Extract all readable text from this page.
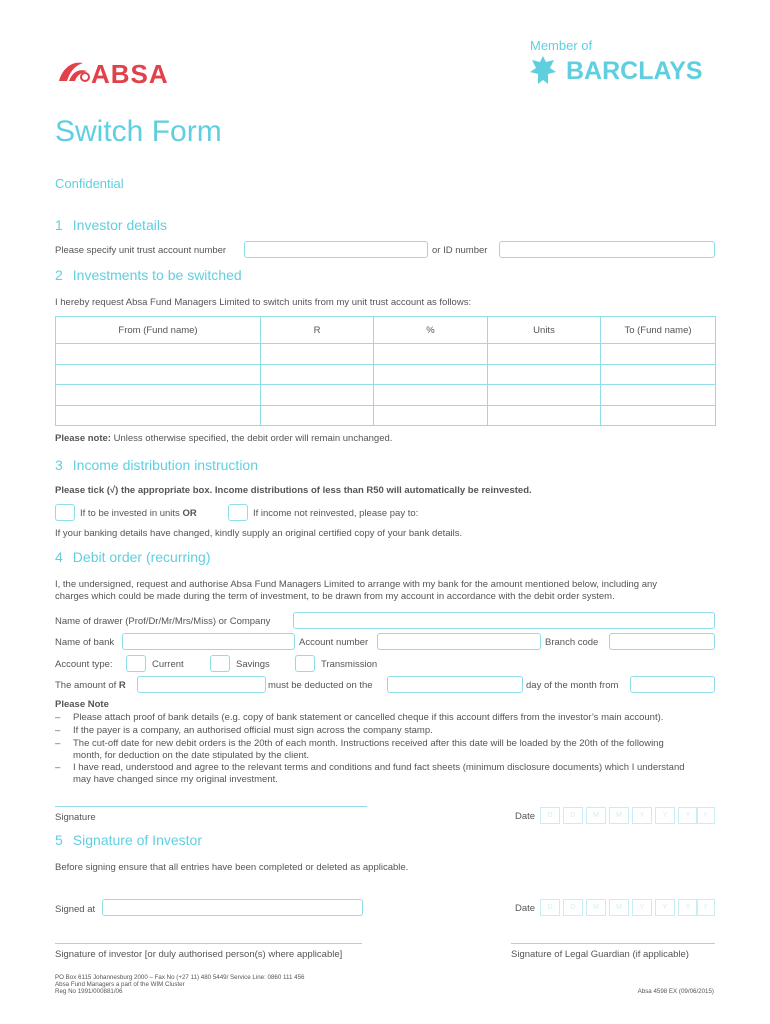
ABSA
Member of
BARCLAYS
Switch Form
Confidential
1 Investor details
Please specify unit trust account number	or ID number
2 Investments to be switched
I hereby request Absa Fund Managers Limited to switch units from my unit trust account as follows:
From (Fund name)	R	%	Units	To (Fund name)

Please note: Unless otherwise specified, the debit order will remain unchanged.
3 Income distribution instruction
Please tick (√) the appropriate box. Income distributions of less than R50 will automatically be reinvested.
If to be invested in units OR	If income not reinvested, please pay to:
If your banking details have changed, kindly supply an original certified copy of your bank details.
4 Debit order (recurring)
I, the undersigned, request and authorise Absa Fund Managers Limited to arrange with my bank for the amount mentioned below, including any
charges which could be made during the term of investment, to be drawn from my account in accordance with the debit order system.
Name of drawer (Prof/Dr/Mr/Mrs/Miss) or Company
Name of bank	Account number	Branch code
Account type:	Current	Savings	Transmission
The amount of R	must be deducted on the	day of the month from
Please Note
– Please attach proof of bank details (e.g. copy of bank statement or cancelled cheque if this account differs from the investor’s main account).
– If the payer is a company, an authorised official must sign across the company stamp.
– The cut-off date for new debit orders is the 20th of each month. Instructions received after this date will be loaded by the 20th of the following
month, for deduction on the date stipulated by the client.
– I have read, understood and agree to the relevant terms and conditions and fund fact sheets (minimum disclosure documents) which I understand
may have changed since my original investment.
Signature	Date	D	D	M	M	Y	Y	Y	Y
5 Signature of Investor
Before signing ensure that all entries have been completed or deleted as applicable.
Signed at	Date	D	D	M	M	Y	Y	Y	Y
Signature of investor [or duly authorised person(s) where applicable]	Signature of Legal Guardian (if applicable)
PO Box 6115 Johannesburg 2000 – Fax No (+27 11) 480 5449/ Service Line: 0860 111 456
Absa Fund Managers a part of the WIM Cluster
Reg No 1991/000881/06	Absa 4598 EX (09/06/2015)
